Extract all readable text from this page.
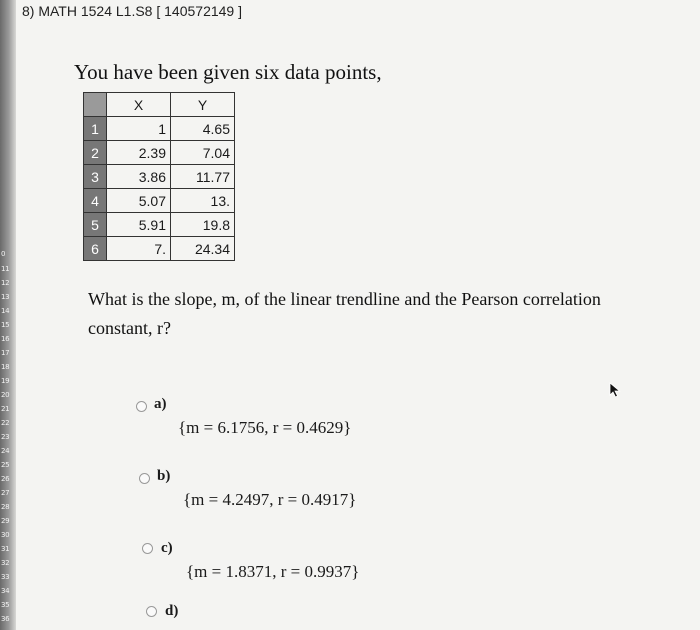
0
11
12
13
14
15
16
17
18
19
20
21
22
23
24
25
26
27
28
29
30
31
32
33
34
35
36
8) MATH 1524 L1.S8 [ 140572149 ]
You have been given six data points,
	X	Y
1	1	4.65
2	2.39	7.04
3	3.86	11.77
4	5.07	13.
5	5.91	19.8
6	7.	24.34
What is the slope, m, of the linear trendline and the Pearson correlation constant, r?
a)
{m = 6.1756, r = 0.4629}
b)
{m = 4.2497, r = 0.4917}
c)
{m = 1.8371, r = 0.9937}
d)
